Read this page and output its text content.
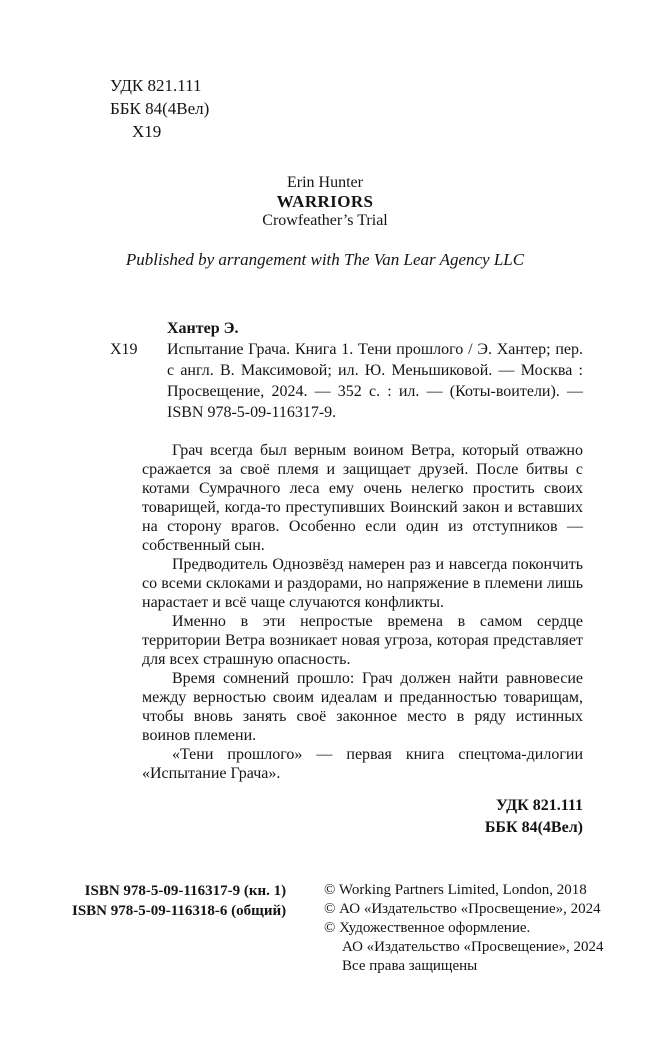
УДК 821.111
ББК 84(4Вел)
Х19
Erin Hunter
WARRIORS
Crowfeather’s Trial
Published by arrangement with The Van Lear Agency LLC
Хантер Э.
Х19 Испытание Грача. Книга 1. Тени прошлого / Э. Хантер; пер. с англ. В. Максимовой; ил. Ю. Меньшиковой. — Москва : Просвещение, 2024. — 352 с. : ил. — (Коты-воители). — ISBN 978-5-09-116317-9.

Грач всегда был верным воином Ветра, который отважно сражается за своё племя и защищает друзей. После битвы с котами Сумрачного леса ему очень нелегко простить своих товарищей, когда-то преступивших Воинский закон и вставших на сторону врагов. Особенно если один из отступников — собственный сын.

Предводитель Однозвёзд намерен раз и навсегда покончить со всеми склоками и раздорами, но напряжение в племени лишь нарастает и всё чаще случаются конфликты.

Именно в эти непростые времена в самом сердце территории Ветра возникает новая угроза, которая представляет для всех страшную опасность.

Время сомнений прошло: Грач должен найти равновесие между верностью своим идеалам и преданностью товарищам, чтобы вновь занять своё законное место в ряду истинных воинов племени.

«Тени прошлого» — первая книга спецтома-дилогии «Испытание Грача».

УДК 821.111
ББК 84(4Вел)
ISBN 978-5-09-116317-9 (кн. 1)
ISBN 978-5-09-116318-6 (общий)
© Working Partners Limited, London, 2018
© АО «Издательство «Просвещение», 2024
© Художественное оформление.
АО «Издательство «Просвещение», 2024
Все права защищены
